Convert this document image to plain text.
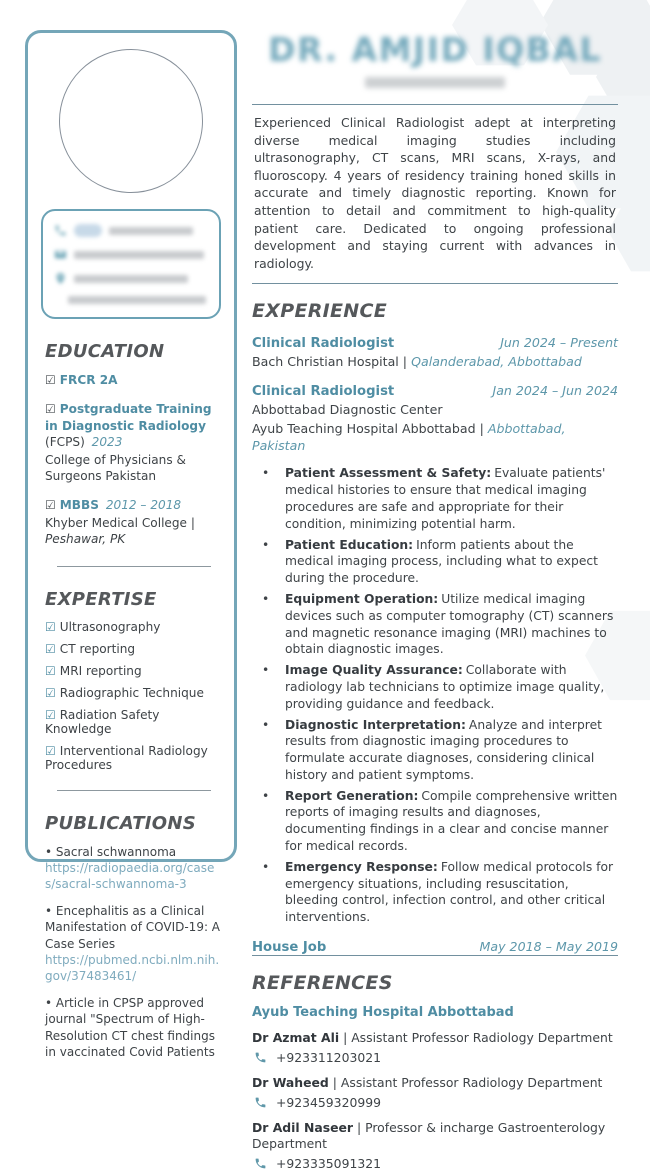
EDUCATION
☑ FRCR 2A
☑ Postgraduate Training in Diagnostic Radiology (FCPS) 2023
College of Physicians & Surgeons Pakistan
☑ MBBS 2012 – 2018
Khyber Medical College | Peshawar, PK
EXPERTISE
☑ Ultrasonography
☑ CT reporting
☑ MRI reporting
☑ Radiographic Technique
☑ Radiation Safety Knowledge
☑ Interventional Radiology Procedures
PUBLICATIONS
• Sacral schwannoma
https://radiopaedia.org/cases/sacral-schwannoma-3
• Encephalitis as a Clinical Manifestation of COVID-19: A Case Series
https://pubmed.ncbi.nlm.nih.gov/37483461/
• Article in CPSP approved journal "Spectrum of High-Resolution CT chest findings in vaccinated Covid Patients
DR. AMJID IQBAL

Experienced Clinical Radiologist adept at interpreting diverse medical imaging studies including ultrasonography, CT scans, MRI scans, X-rays, and fluoroscopy. 4 years of residency training honed skills in accurate and timely diagnostic reporting. Known for attention to detail and commitment to high-quality patient care. Dedicated to ongoing professional development and staying current with advances in radiology.

EXPERIENCE
Clinical Radiologist	Jun 2024 – Present
Bach Christian Hospital | Qalanderabad, Abbottabad
Clinical Radiologist	Jan 2024 – Jun 2024
Abbottabad Diagnostic Center
Ayub Teaching Hospital Abbottabad | Abbottabad, Pakistan
• Patient Assessment & Safety: Evaluate patients' medical histories to ensure that medical imaging procedures are safe and appropriate for their condition, minimizing potential harm.
• Patient Education: Inform patients about the medical imaging process, including what to expect during the procedure.
• Equipment Operation: Utilize medical imaging devices such as computer tomography (CT) scanners and magnetic resonance imaging (MRI) machines to obtain diagnostic images.
• Image Quality Assurance: Collaborate with radiology lab technicians to optimize image quality, providing guidance and feedback.
• Diagnostic Interpretation: Analyze and interpret results from diagnostic imaging procedures to formulate accurate diagnoses, considering clinical history and patient symptoms.
• Report Generation: Compile comprehensive written reports of imaging results and diagnoses, documenting findings in a clear and concise manner for medical records.
• Emergency Response: Follow medical protocols for emergency situations, including resuscitation, bleeding control, infection control, and other critical interventions.
House Job	May 2018 – May 2019
REFERENCES
Ayub Teaching Hospital Abbottabad
Dr Azmat Ali | Assistant Professor Radiology Department
+923311203021
Dr Waheed | Assistant Professor Radiology Department
+923459320999
Dr Adil Naseer | Professor & incharge Gastroenterology Department
+923335091321
